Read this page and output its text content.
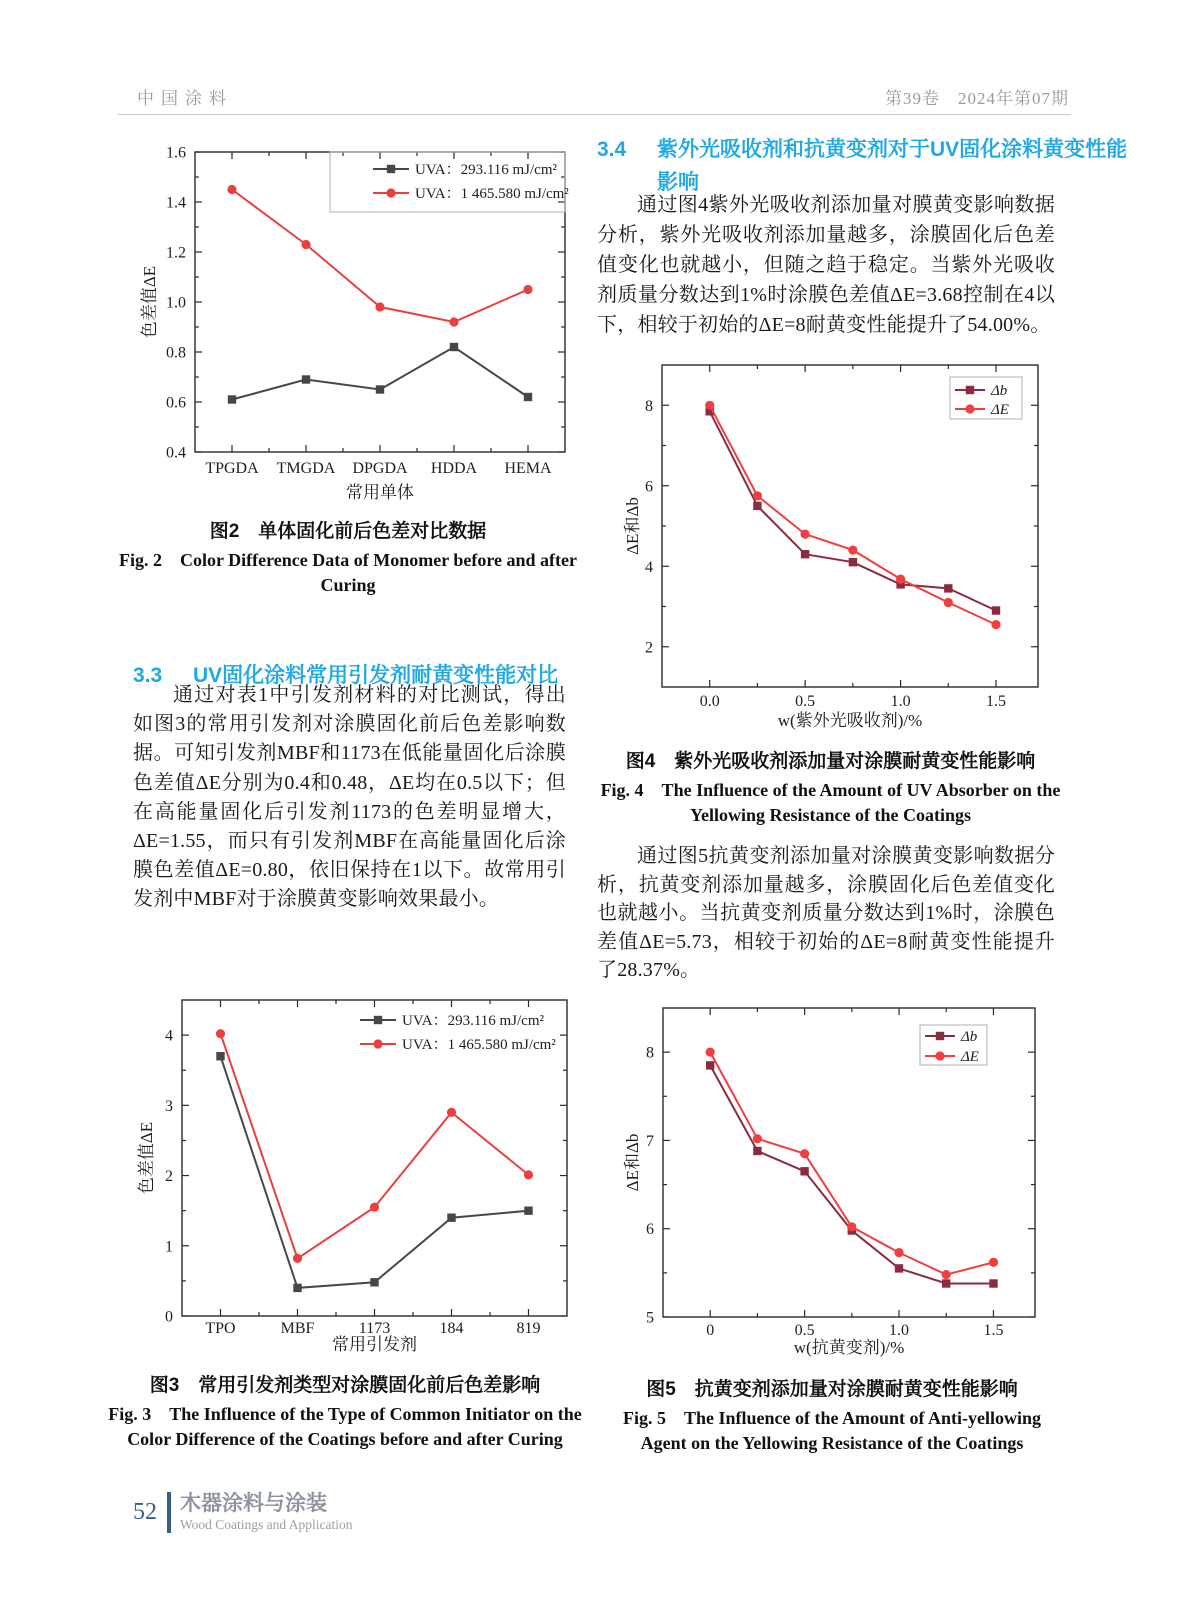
中国涂料	第39卷　2024年第07期
0.4
0.6
0.8
1.0
1.2
1.4
1.6
TPGDA TMGDA DPGDA HDDA HEMA
UVA：293.116 mJ/cm²
UVA：1 465.580 mJ/cm²
色差值ΔE
常用单体
图2　单体固化前后色差对比数据
Fig. 2　Color Difference Data of Monomer before and after Curing
3.3 UV固化涂料常用引发剂耐黄变性能对比

通过对表1中引发剂材料的对比测试，得出如图3的常用引发剂对涂膜固化前后色差影响数据。可知引发剂MBF和1173在低能量固化后涂膜色差值ΔE分别为0.4和0.48，ΔE均在0.5以下；但在高能量固化后引发剂1173的色差明显增大，ΔE=1.55，而只有引发剂MBF在高能量固化后涂膜色差值ΔE=0.80，依旧保持在1以下。故常用引发剂中MBF对于涂膜黄变影响效果最小。

0
1
2
3
4
TPO	MBF	1173	184	819
UVA：293.116 mJ/cm²
UVA：1 465.580 mJ/cm²
色差值ΔE
常用引发剂
图3　常用引发剂类型对涂膜固化前后色差影响
Fig. 3　The Influence of the Type of Common Initiator on the Color Difference of the Coatings before and after Curing
3.4 紫外光吸收剂和抗黄变剂对于UV固化涂料黄变性能影响

通过图4紫外光吸收剂添加量对膜黄变影响数据分析，紫外光吸收剂添加量越多，涂膜固化后色差值变化也就越小，但随之趋于稳定。当紫外光吸收剂质量分数达到1%时涂膜色差值ΔE=3.68控制在4以下，相较于初始的ΔE=8耐黄变性能提升了54.00%。

2
4
6
8
0.0	0.5	1.0	1.5
Δb
ΔE
ΔE和Δb
w(紫外光吸收剂)/%
图4　紫外光吸收剂添加量对涂膜耐黄变性能影响
Fig. 4　The Influence of the Amount of UV Absorber on the Yellowing Resistance of the Coatings

通过图5抗黄变剂添加量对涂膜黄变影响数据分析，抗黄变剂添加量越多，涂膜固化后色差值变化也就越小。当抗黄变剂质量分数达到1%时，涂膜色差值ΔE=5.73，相较于初始的ΔE=8耐黄变性能提升了28.37%。

5
6
7
8
0	0.5	1.0	1.5
Δb
ΔE
ΔE和Δb
w(抗黄变剂)/%
图5　抗黄变剂添加量对涂膜耐黄变性能影响
Fig. 5　The Influence of the Amount of Anti-yellowing Agent on the Yellowing Resistance of the Coatings
52	木器涂料与涂装
Wood Coatings and Application
